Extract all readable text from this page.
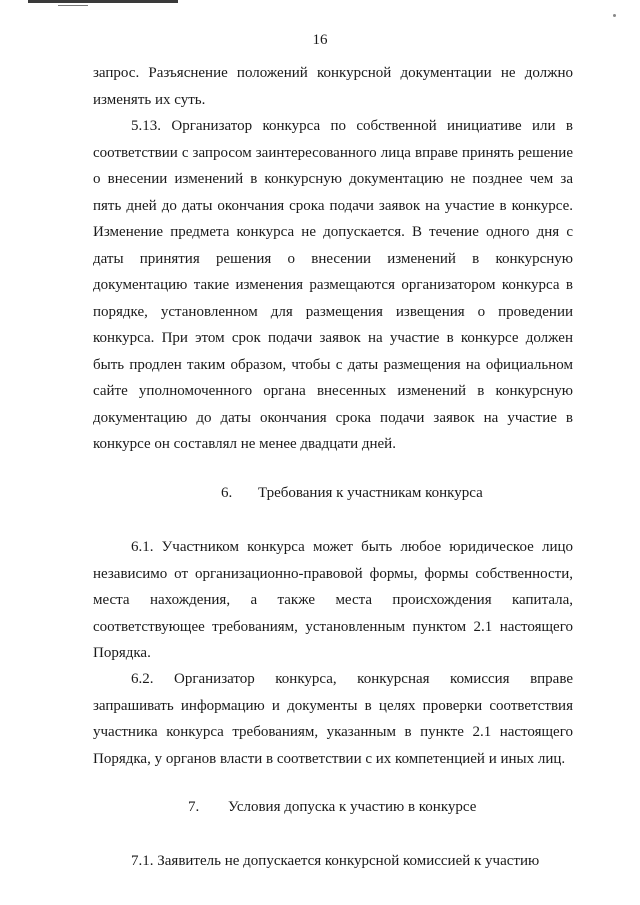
16

запрос. Разъяснение положений конкурсной документации не должно изменять их суть.

5.13. Организатор конкурса по собственной инициативе или в соответствии с запросом заинтересованного лица вправе принять решение о внесении изменений в конкурсную документацию не позднее чем за пять дней до даты окончания срока подачи заявок на участие в конкурсе. Изменение предмета конкурса не допускается. В течение одного дня с даты принятия решения о внесении изменений в конкурсную документацию такие изменения размещаются организатором конкурса в порядке, установленном для размещения извещения о проведении конкурса. При этом срок подачи заявок на участие в конкурсе должен быть продлен таким образом, чтобы с даты размещения на официальном сайте уполномоченного органа внесенных изменений в конкурсную документацию до даты окончания срока подачи заявок на участие в конкурсе он составлял не менее двадцати дней.

6. Требования к участникам конкурса

6.1. Участником конкурса может быть любое юридическое лицо независимо от организационно-правовой формы, формы собственности, места нахождения, а также места происхождения капитала, соответствующее требованиям, установленным пунктом 2.1 настоящего Порядка.

6.2. Организатор конкурса, конкурсная комиссия вправе запрашивать информацию и документы в целях проверки соответствия участника конкурса требованиям, указанным в пункте 2.1 настоящего Порядка, у органов власти в соответствии с их компетенцией и иных лиц.

7. Условия допуска к участию в конкурсе

7.1. Заявитель не допускается конкурсной комиссией к участию
